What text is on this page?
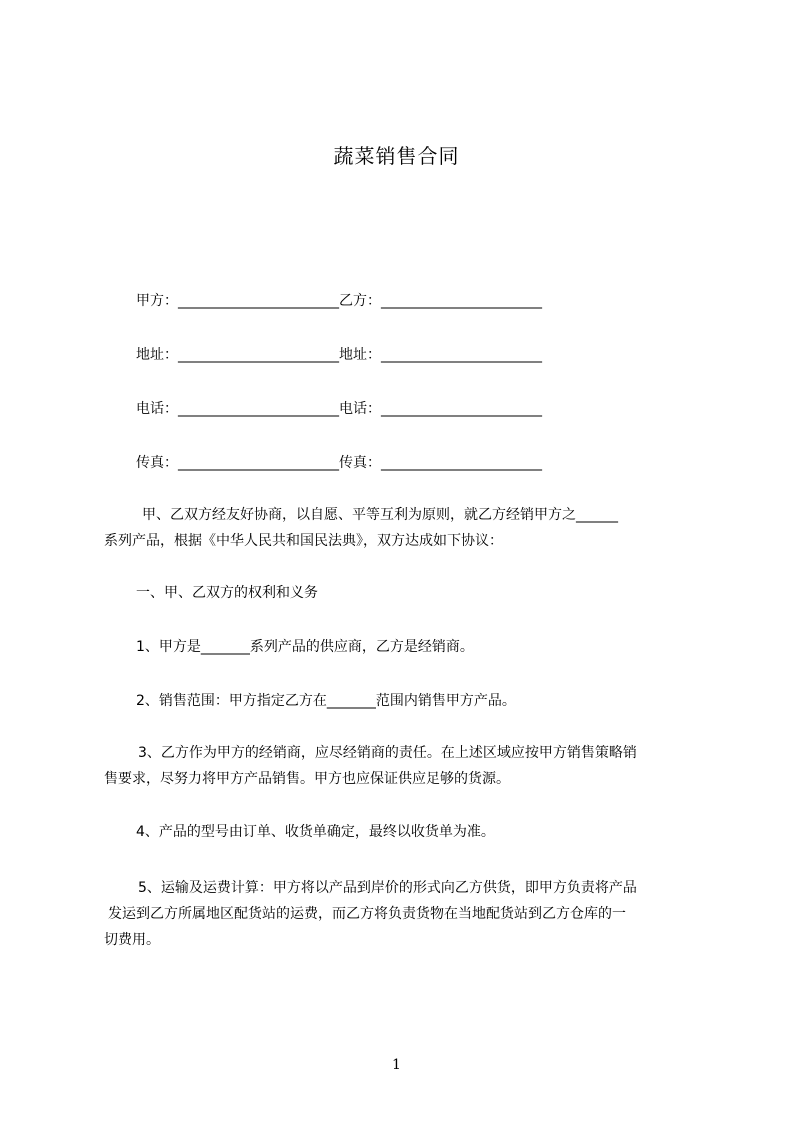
蔬菜销售合同
甲方：_______________________乙方：_______________________
地址：_______________________地址：_______________________
电话：_______________________电话：_______________________
传真：_______________________传真：_______________________
甲、乙双方经友好协商，以自愿、平等互利为原则，就乙方经销甲方之______
系列产品，根据《中华人民共和国民法典》，双方达成如下协议：
一、甲、乙双方的权利和义务
1、甲方是_______系列产品的供应商，乙方是经销商。
2、销售范围：甲方指定乙方在_______范围内销售甲方产品。
3、乙方作为甲方的经销商，应尽经销商的责任。在上述区域应按甲方销售策略销
售要求，尽努力将甲方产品销售。甲方也应保证供应足够的货源。
4、产品的型号由订单、收货单确定，最终以收货单为准。
5、运输及运费计算：甲方将以产品到岸价的形式向乙方供货，即甲方负责将产品
发运到乙方所属地区配货站的运费，而乙方将负责货物在当地配货站到乙方仓库的一
切费用。
1
